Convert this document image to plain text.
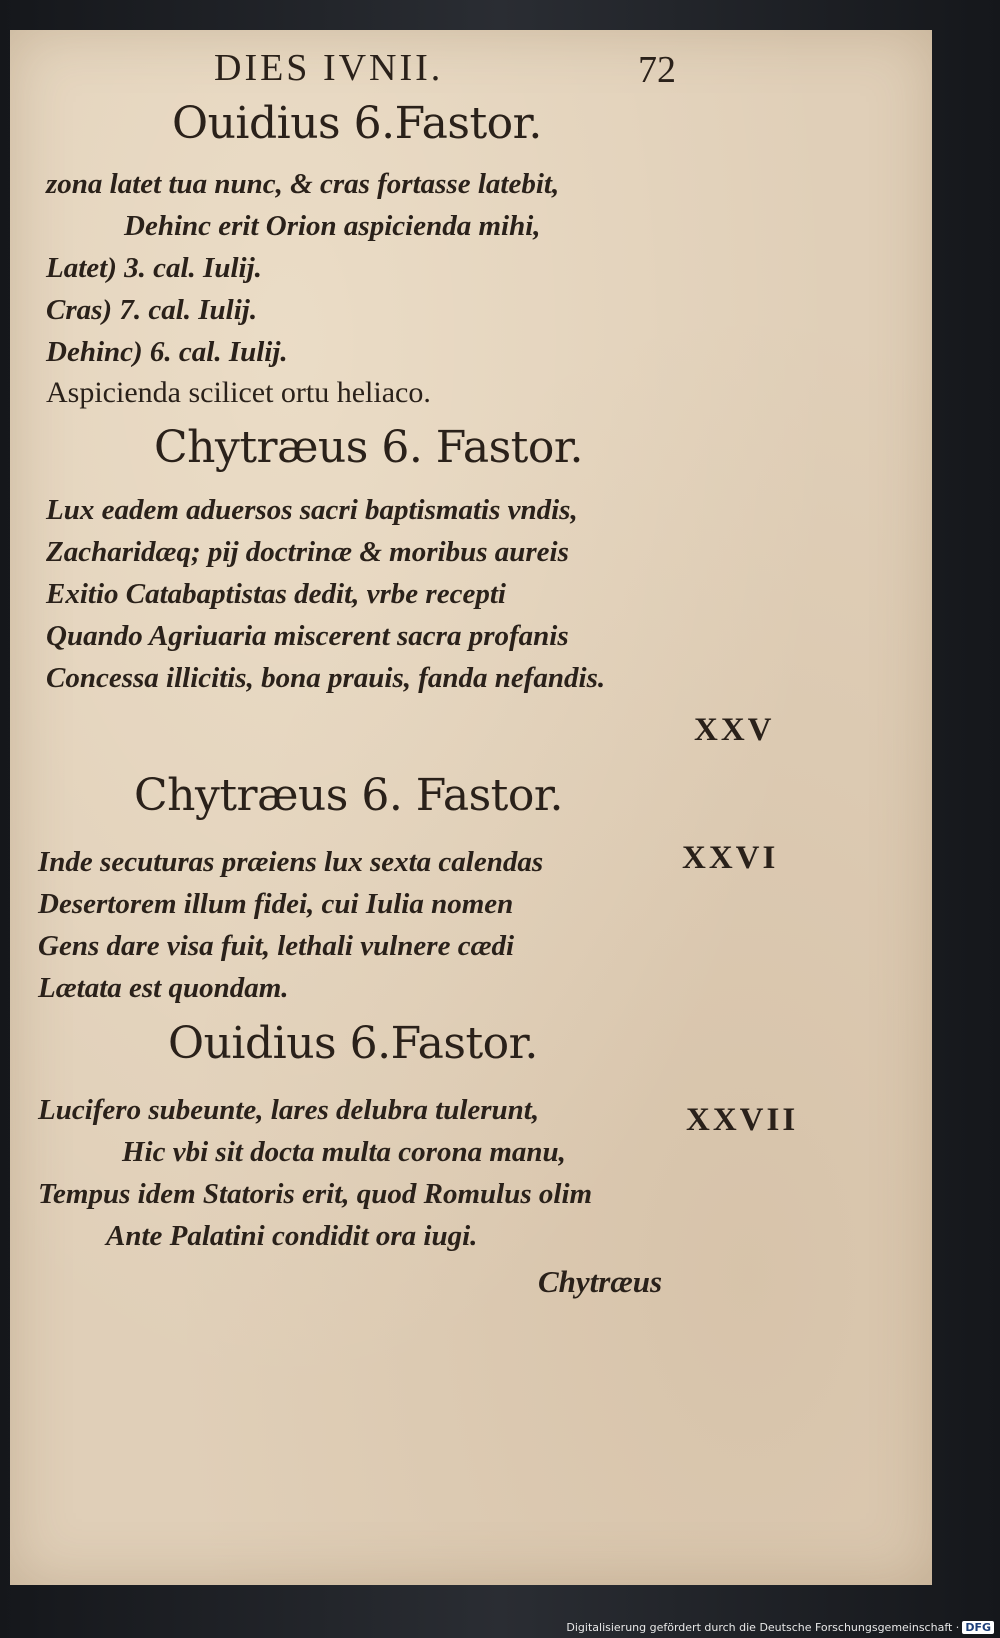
DIES IVNII.	72
Ouidius 6.Fastor.
zona latet tua nunc, & cras fortasse latebit,
Dehinc erit Orion aspicienda mihi,
Latet) 3. cal. Iulij.
Cras) 7. cal. Iulij.
Dehinc) 6. cal. Iulij.
Aspicienda scilicet ortu heliaco.
Chytræus 6. Fastor.
Lux eadem aduersos sacri baptismatis vndis,
Zacharidæq; pij doctrinæ & moribus aureis
Exitio Catabaptistas dedit, vrbe recepti
Quando Agriuaria miscerent sacra profanis
Concessa illicitis, bona prauis, fanda nefandis.
XXV
XXVI
XXVII
Chytræus 6. Fastor.
Inde secuturas præiens lux sexta calendas
Desertorem illum fidei, cui Iulia nomen
Gens dare visa fuit, lethali vulnere cædi
Lætata est quondam.
Ouidius 6.Fastor.
Lucifero subeunte, lares delubra tulerunt,
Hic vbi sit docta multa corona manu,
Tempus idem Statoris erit, quod Romulus olim
Ante Palatini condidit ora iugi.
Chytræus
Digitalisierung gefördert durch die Deutsche Forschungsgemeinschaft · DFG
